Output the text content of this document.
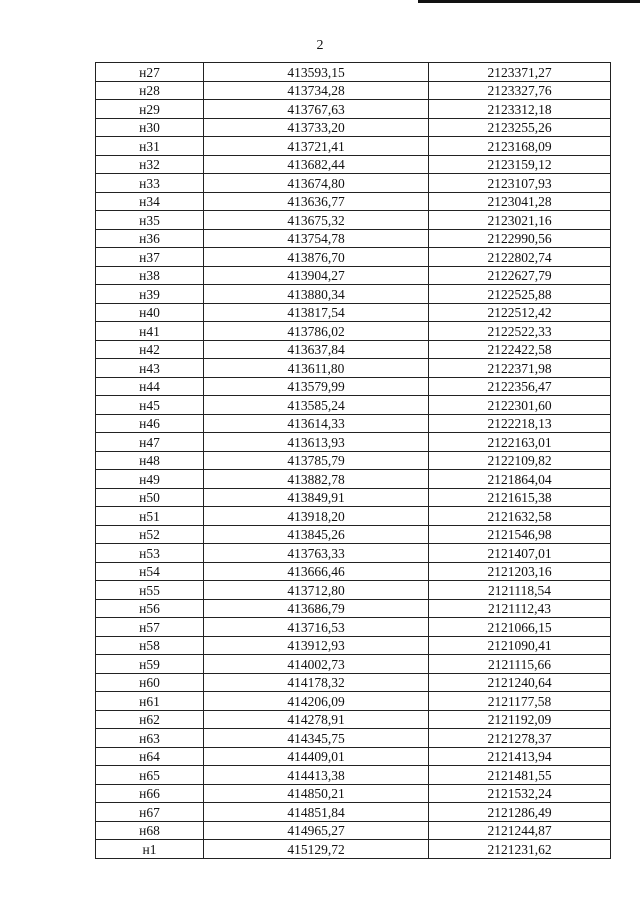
2
н27	413593,15	2123371,27
н28	413734,28	2123327,76
н29	413767,63	2123312,18
н30	413733,20	2123255,26
н31	413721,41	2123168,09
н32	413682,44	2123159,12
н33	413674,80	2123107,93
н34	413636,77	2123041,28
н35	413675,32	2123021,16
н36	413754,78	2122990,56
н37	413876,70	2122802,74
н38	413904,27	2122627,79
н39	413880,34	2122525,88
н40	413817,54	2122512,42
н41	413786,02	2122522,33
н42	413637,84	2122422,58
н43	413611,80	2122371,98
н44	413579,99	2122356,47
н45	413585,24	2122301,60
н46	413614,33	2122218,13
н47	413613,93	2122163,01
н48	413785,79	2122109,82
н49	413882,78	2121864,04
н50	413849,91	2121615,38
н51	413918,20	2121632,58
н52	413845,26	2121546,98
н53	413763,33	2121407,01
н54	413666,46	2121203,16
н55	413712,80	2121118,54
н56	413686,79	2121112,43
н57	413716,53	2121066,15
н58	413912,93	2121090,41
н59	414002,73	2121115,66
н60	414178,32	2121240,64
н61	414206,09	2121177,58
н62	414278,91	2121192,09
н63	414345,75	2121278,37
н64	414409,01	2121413,94
н65	414413,38	2121481,55
н66	414850,21	2121532,24
н67	414851,84	2121286,49
н68	414965,27	2121244,87
н1	415129,72	2121231,62
